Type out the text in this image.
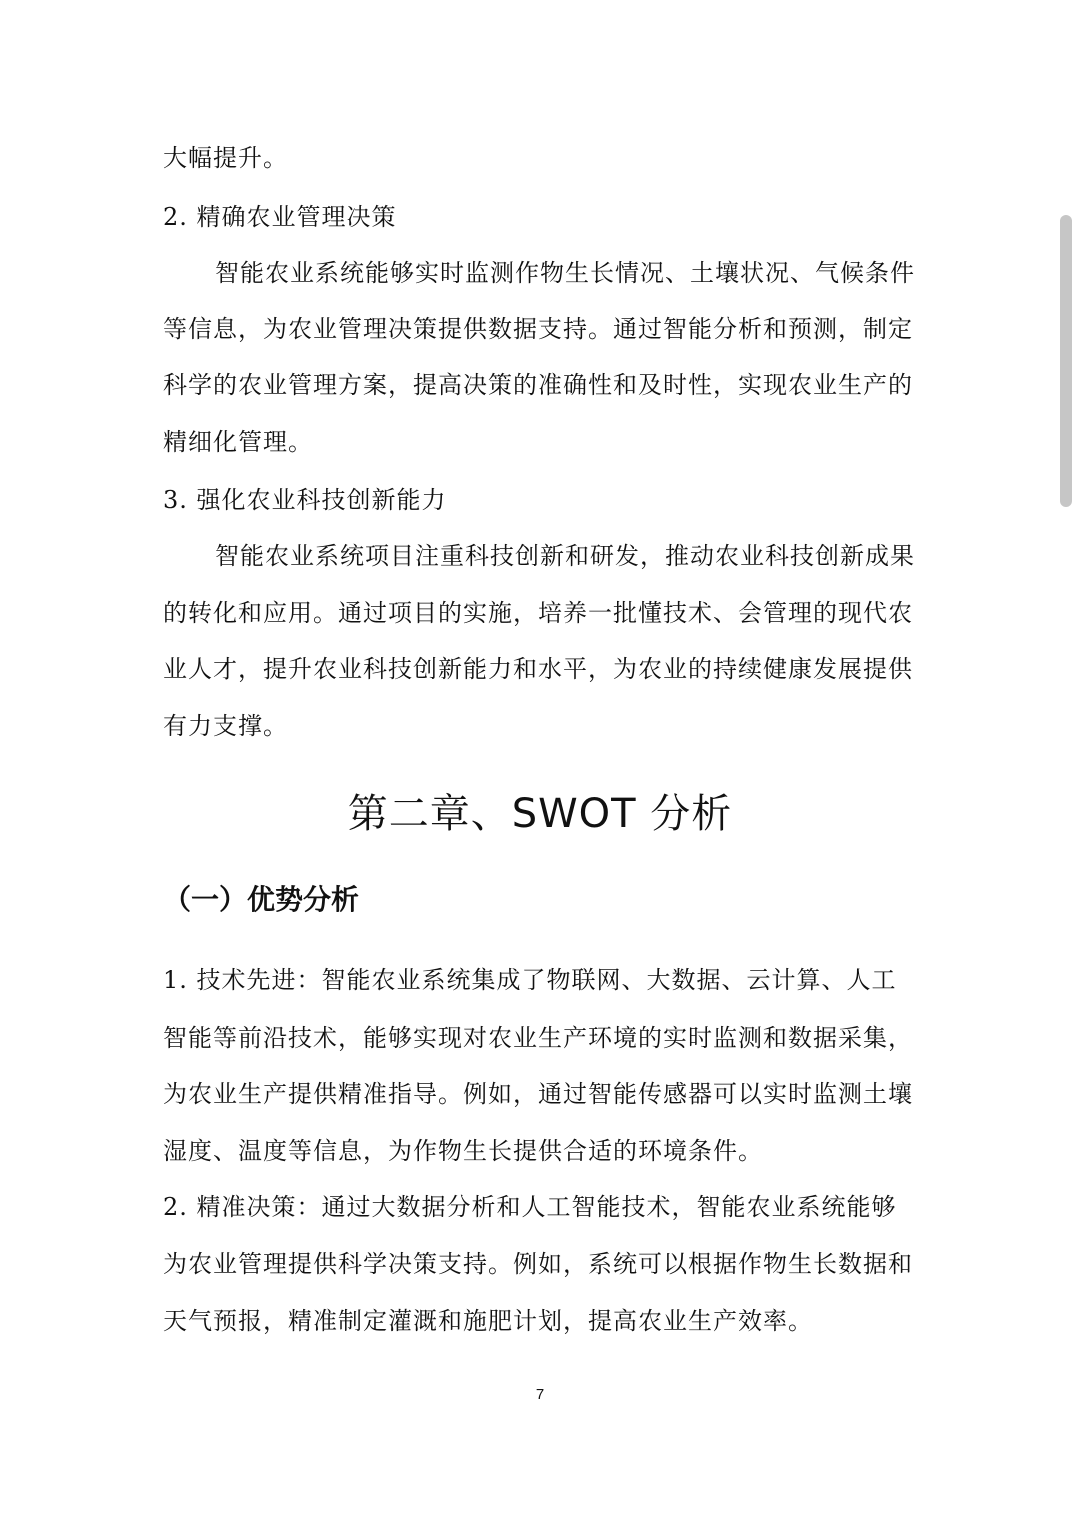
大幅提升。
2. 精确农业管理决策
智能农业系统能够实时监测作物生长情况、土壤状况、气候条件
等信息，为农业管理决策提供数据支持。通过智能分析和预测，制定
科学的农业管理方案，提高决策的准确性和及时性，实现农业生产的
精细化管理。
3. 强化农业科技创新能力
智能农业系统项目注重科技创新和研发，推动农业科技创新成果
的转化和应用。通过项目的实施，培养一批懂技术、会管理的现代农
业人才，提升农业科技创新能力和水平，为农业的持续健康发展提供
有力支撑。
第二章、SWOT 分析
（一）优势分析
1. 技术先进：智能农业系统集成了物联网、大数据、云计算、人工
智能等前沿技术，能够实现对农业生产环境的实时监测和数据采集，
为农业生产提供精准指导。例如，通过智能传感器可以实时监测土壤
湿度、温度等信息，为作物生长提供合适的环境条件。
2. 精准决策：通过大数据分析和人工智能技术，智能农业系统能够
为农业管理提供科学决策支持。例如，系统可以根据作物生长数据和
天气预报，精准制定灌溉和施肥计划，提高农业生产效率。
7
